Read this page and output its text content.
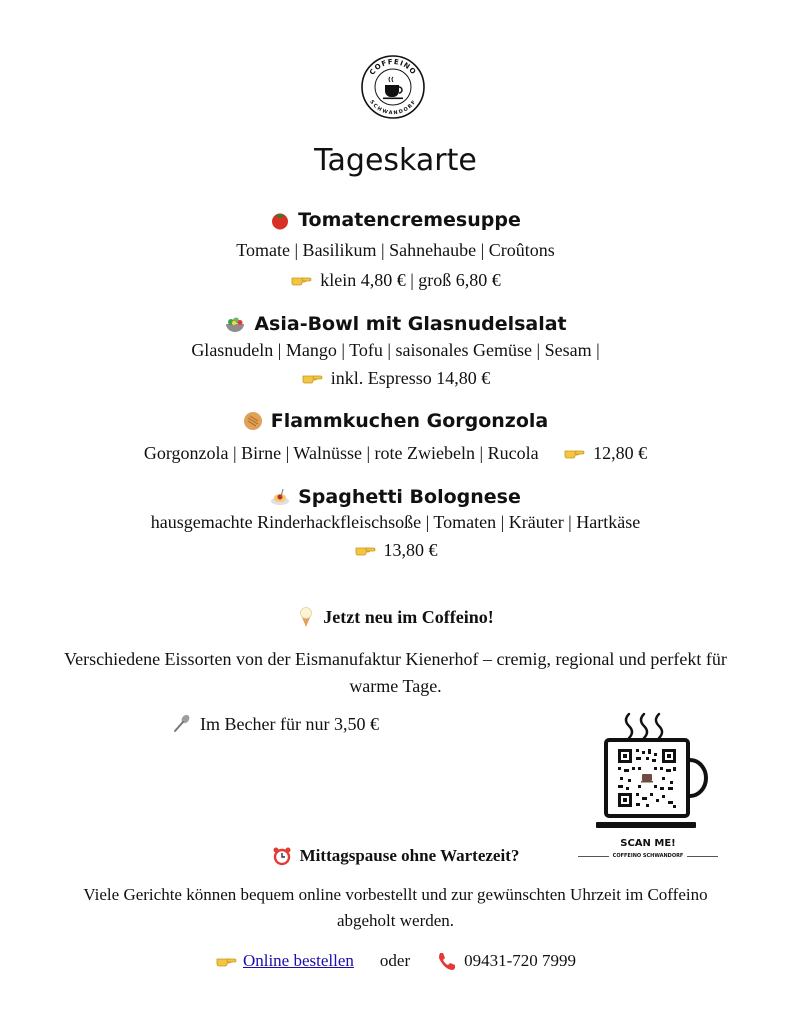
COFFEINO
SCHWANDORF
Tageskarte
Tomatencremesuppe
Tomate | Basilikum | Sahnehaube | Croûtons
klein 4,80 € | groß 6,80 €
Asia-Bowl mit Glasnudelsalat
Glasnudeln | Mango | Tofu | saisonales Gemüse | Sesam |
inkl. Espresso 14,80 €
Flammkuchen Gorgonzola
Gorgonzola | Birne | Walnüsse | rote Zwiebeln | Rucola	12,80 €
Spaghetti Bolognese
hausgemachte Rinderhackfleischsoße | Tomaten | Kräuter | Hartkäse
13,80 €
Jetzt neu im Coffeino!
Verschiedene Eissorten von der Eismanufaktur Kienerhof – cremig, regional und perfekt für warme Tage.
Im Becher für nur 3,50 €
SCAN ME!
COFFEINO SCHWANDORF
Mittagspause ohne Wartezeit?
Viele Gerichte können bequem online vorbestellt und zur gewünschten Uhrzeit im Coffeino abgeholt werden.
Online bestellen oder	09431-720 7999
